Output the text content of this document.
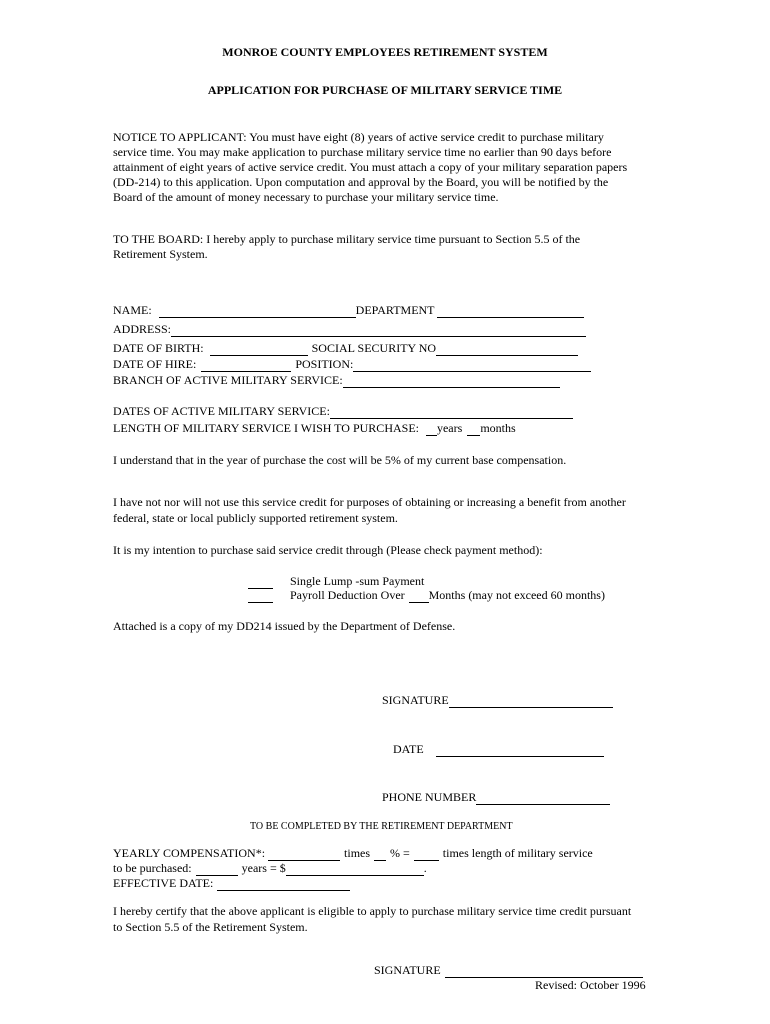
MONROE COUNTY EMPLOYEES RETIREMENT SYSTEM
APPLICATION FOR PURCHASE OF MILITARY SERVICE TIME
NOTICE TO APPLICANT: You must have eight (8) years of active service credit to purchase military
service time. You may make application to purchase military service time no earlier than 90 days before
attainment of eight years of active service credit. You must attach a copy of your military separation papers
(DD-214) to this application. Upon computation and approval by the Board, you will be notified by the
Board of the amount of money necessary to purchase your military service time.
TO THE BOARD: I hereby apply to purchase military service time pursuant to Section 5.5 of the
Retirement System.
NAME:	DEPARTMENT
ADDRESS:
DATE OF BIRTH:	SOCIAL SECURITY NO
DATE OF HIRE:	POSITION:
BRANCH OF ACTIVE MILITARY SERVICE:
DATES OF ACTIVE MILITARY SERVICE:
LENGTH OF MILITARY SERVICE I WISH TO PURCHASE: years months
I understand that in the year of purchase the cost will be 5% of my current base compensation.
I have not nor will not use this service credit for purposes of obtaining or increasing a benefit from another
federal, state or local publicly supported retirement system.
It is my intention to purchase said service credit through (Please check payment method):
Single Lump -sum Payment
Payroll Deduction Over Months (may not exceed 60 months)
Attached is a copy of my DD214 issued by the Department of Defense.
SIGNATURE
DATE
PHONE NUMBER
TO BE COMPLETED BY THE RETIREMENT DEPARTMENT
YEARLY COMPENSATION*:	times % =	times length of military service
to be purchased:	years = $	.
EFFECTIVE DATE:
I hereby certify that the above applicant is eligible to apply to purchase military service time credit pursuant
to Section 5.5 of the Retirement System.
SIGNATURE
Revised: October 1996
